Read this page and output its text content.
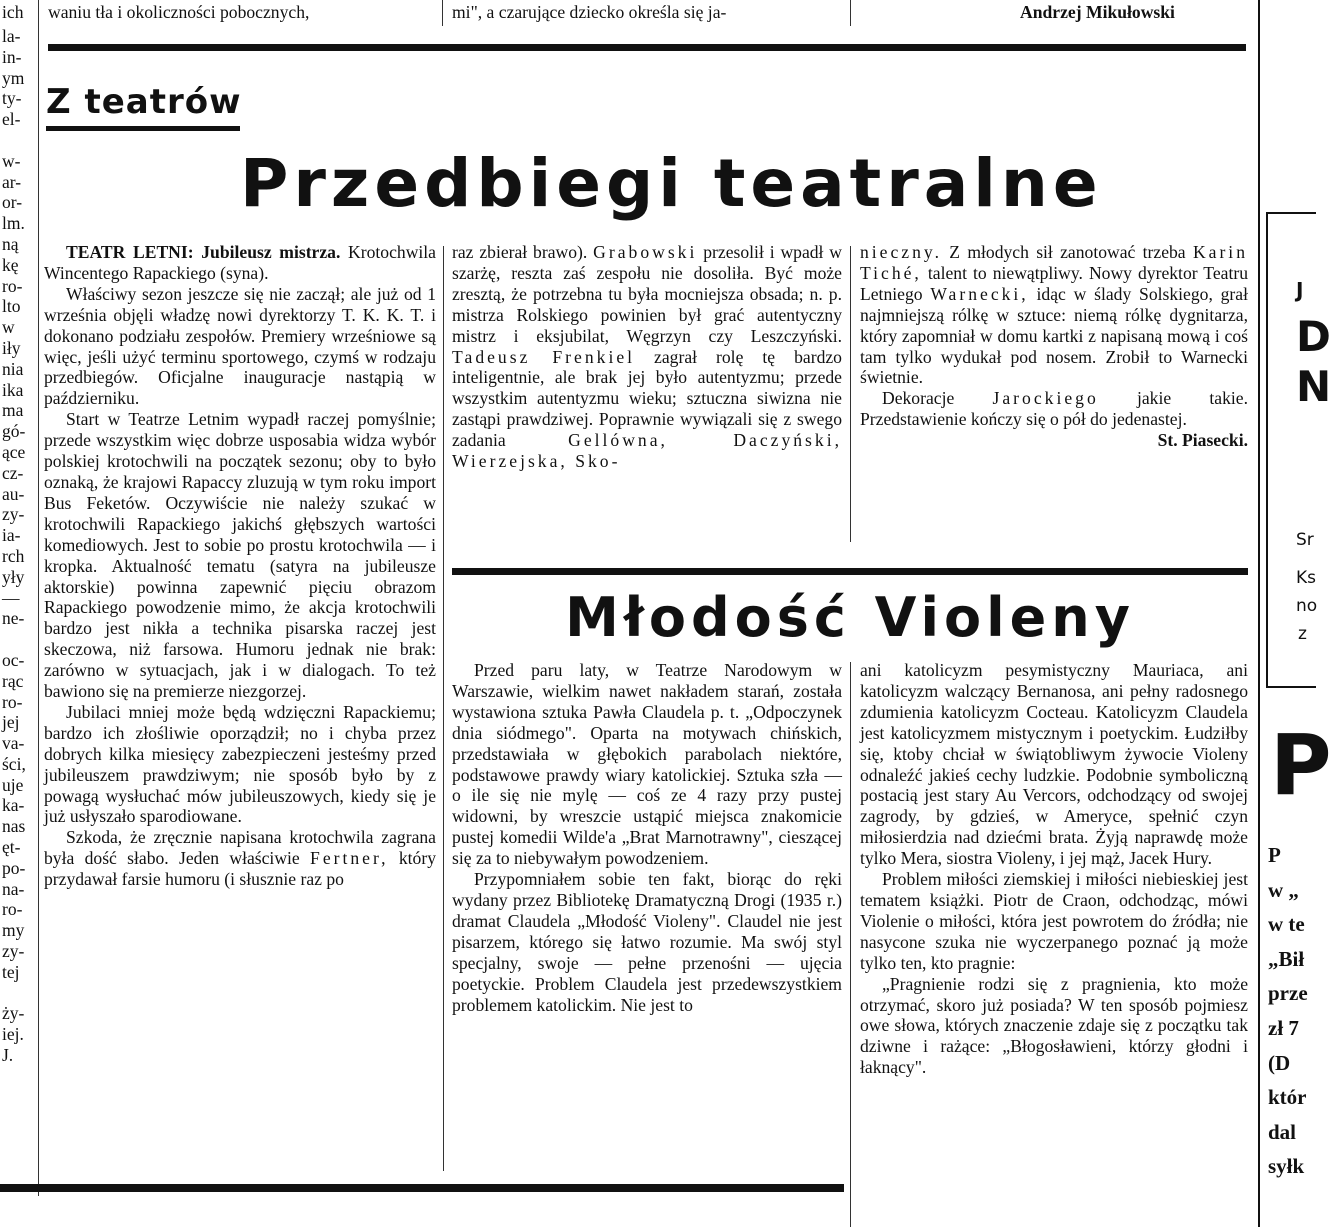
ich	waniu tła i okoliczności pobocznych,	mi", a czarujące dziecko określa się ja-	Andrzej Mikułowski
la-
in-
ym
ty-
el-

w-
ar-
or-
lm.
ną
kę
ro-
lto
w
iły
nia
ika
ma
gó-
ące
cz-
au-
zy-
ia-
rch
yły
—
ne-

oc-
rąc
ro-
jej
va-
ści,
uje
ka-
nas
ęt-
po-
na-
ro-
my
zy-
tej

ży-
iej.
J.
J
D
N
Sr
Ks
no
z
P
P
w „
w te
„Bił
prze
zł 7
(D
któr
dal
syłk
Z teatrów
Przedbiegi teatralne

TEATR LETNI: Jubileusz mistrza. Krotochwila Wincentego Rapackiego (syna).

Właściwy sezon jeszcze się nie zaczął; ale już od 1 września objęli władzę nowi dyrektorzy T. K. K. T. i dokonano podziału zespołów. Premiery wrześniowe są więc, jeśli użyć terminu sportowego, czymś w rodzaju przedbiegów. Oficjalne inauguracje nastąpią w październiku.

Start w Teatrze Letnim wypadł raczej pomyślnie; przede wszystkim więc dobrze usposabia widza wybór polskiej krotochwili na początek sezonu; oby to było oznaką, że krajowi Rapaccy zluzują w tym roku import Bus Feketów. Oczywiście nie należy szukać w krotochwili Rapackiego jakichś głębszych wartości komediowych. Jest to sobie po prostu krotochwila — i kropka. Aktualność tematu (satyra na jubileusze aktorskie) powinna zapewnić pięciu obrazom Rapackiego powodzenie mimo, że akcja krotochwili bardzo jest nikła a technika pisarska raczej jest skeczowa, niż farsowa. Humoru jednak nie brak: zarówno w sytuacjach, jak i w dialogach. To też bawiono się na premierze niezgorzej.

Jubilaci mniej może będą wdzięczni Rapackiemu; bardzo ich złośliwie oporządził; no i chyba przez dobrych kilka miesięcy zabezpieczeni jesteśmy przed jubileuszem prawdziwym; nie sposób było by z powagą wysłuchać mów jubileuszowych, kiedy się je już usłyszało sparodiowane.

Szkoda, że zręcznie napisana krotochwila zagrana była dość słabo. Jeden właściwie Fertner, który przydawał farsie humoru (i słusznie raz po

raz zbierał brawo). Grabowski przesolił i wpadł w szarżę, reszta zaś zespołu nie dosoliła. Być może zresztą, że potrzebna tu była mocniejsza obsada; n. p. mistrza Rolskiego powinien był grać autentyczny mistrz i eksjubilat, Węgrzyn czy Leszczyński. Tadeusz Frenkiel zagrał rolę tę bardzo inteligentnie, ale brak jej było autentyzmu; przede wszystkim autentyzmu wieku; sztuczna siwizna nie zastąpi prawdziwej. Poprawnie wywiązali się z swego zadania	Gellówna, Daczyński, Wierzejska, Sko-

nieczny. Z młodych sił zanotować trzeba Karin Tiché, talent to niewątpliwy. Nowy dyrektor Teatru Letniego Warnecki, idąc w ślady Solskiego, grał najmniejszą rólkę w sztuce: niemą rólkę dygnitarza, który zapomniał w domu kartki z napisaną mową i coś tam tylko wydukał pod nosem. Zrobił to Warnecki świetnie.

Dekoracje Jarockiego jakie takie. Przedstawienie kończy się o pół do jedenastej.

St. Piasecki.

Młodość Violeny

Przed paru laty, w Teatrze Narodowym w Warszawie, wielkim nawet nakładem starań, została wystawiona sztuka Pawła Claudela p. t. „Odpoczynek dnia siódmego". Oparta na motywach chińskich, przedstawiała w głębokich parabolach niektóre, podstawowe prawdy wiary katolickiej. Sztuka szła — o ile się nie mylę — coś ze 4 razy przy pustej widowni, by wreszcie ustąpić miejsca znakomicie pustej komedii Wilde'a „Brat Marnotrawny", cieszącej się za to niebywałym powodzeniem.

Przypomniałem sobie ten fakt, biorąc do ręki wydany przez Bibliotekę Dramatyczną Drogi (1935 r.) dramat Claudela „Młodość Violeny". Claudel nie jest pisarzem, którego się łatwo rozumie. Ma swój styl specjalny, swoje — pełne przenośni — ujęcia poetyckie. Problem Claudela jest przedewszystkiem problemem katolickim. Nie jest to

ani katolicyzm pesymistyczny Mauriaca, ani katolicyzm walczący Bernanosa, ani pełny radosnego zdumienia katolicyzm Cocteau. Katolicyzm Claudela jest katolicyzmem mistycznym i poetyckim. Łudziłby się, ktoby chciał w świątobliwym żywocie Violeny odnaleźć jakieś cechy ludzkie. Podobnie symboliczną postacią jest stary Au Vercors, odchodzący od swojej zagrody, by gdzieś, w Ameryce, spełnić czyn miłosierdzia nad dziećmi brata. Żyją naprawdę może tylko Mera, siostra Violeny, i jej mąż, Jacek Hury.

Problem miłości ziemskiej i miłości niebieskiej jest tematem książki. Piotr de Craon, odchodząc, mówi Violenie o miłości, która jest powrotem do źródła; nie nasycone szuka nie wyczerpanego poznać ją może tylko ten, kto pragnie:

„Pragnienie rodzi się z pragnienia, kto może otrzymać, skoro już posiada? W ten sposób pojmiesz owe słowa, których znaczenie zdaje się z początku tak dziwne i rażące: „Błogosławieni, którzy głodni i łaknący".
